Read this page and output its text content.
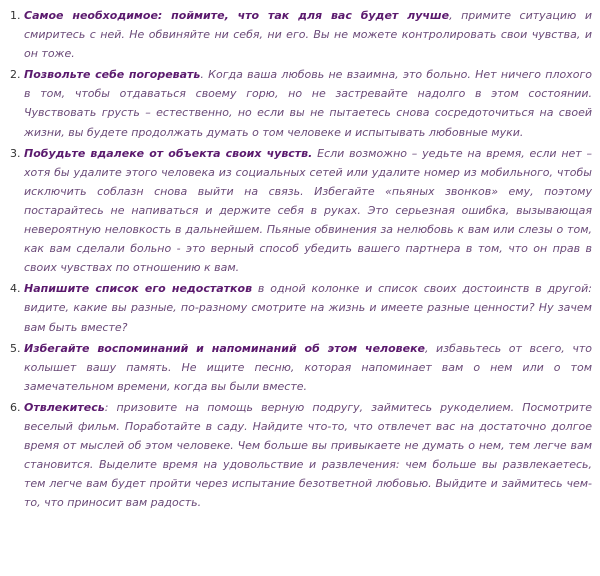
1. Самое необходимое: поймите, что так для вас будет лучше, примите ситуацию и смиритесь с ней. Не обвиняйте ни себя, ни его. Вы не можете контролировать свои чувства, и он тоже.
2. Позвольте себе погоревать. Когда ваша любовь не взаимна, это больно. Нет ничего плохого в том, чтобы отдаваться своему горю, но не застревайте надолго в этом состоянии. Чувствовать грусть – естественно, но если вы не пытаетесь снова сосредоточиться на своей жизни, вы будете продолжать думать о том человеке и испытывать любовные муки.
3. Побудьте вдалеке от объекта своих чувств. Если возможно – уедьте на время, если нет – хотя бы удалите этого человека из социальных сетей или удалите номер из мобильного, чтобы исключить соблазн снова выйти на связь. Избегайте «пьяных звонков» ему, поэтому постарайтесь не напиваться и держите себя в руках. Это серьезная ошибка, вызывающая невероятную неловкость в дальнейшем. Пьяные обвинения за нелюбовь к вам или слезы о том, как вам сделали больно - это верный способ убедить вашего партнера в том, что он прав в своих чувствах по отношению к вам.
4. Напишите список его недостатков в одной колонке и список своих достоинств в другой: видите, какие вы разные, по-разному смотрите на жизнь и имеете разные ценности? Ну зачем вам быть вместе?
5. Избегайте воспоминаний и напоминаний об этом человеке, избавьтесь от всего, что колышет вашу память. Не ищите песню, которая напоминает вам о нем или о том замечательном времени, когда вы были вместе.
6. Отвлекитесь: призовите на помощь верную подругу, займитесь рукоделием. Посмотрите веселый фильм. Поработайте в саду. Найдите что-то, что отвлечет вас на достаточно долгое время от мыслей об этом человеке. Чем больше вы привыкаете не думать о нем, тем легче вам становится. Выделите время на удовольствие и развлечения: чем больше вы развлекаетесь, тем легче вам будет пройти через испытание безответной любовью. Выйдите и займитесь чем-то, что приносит вам радость.
